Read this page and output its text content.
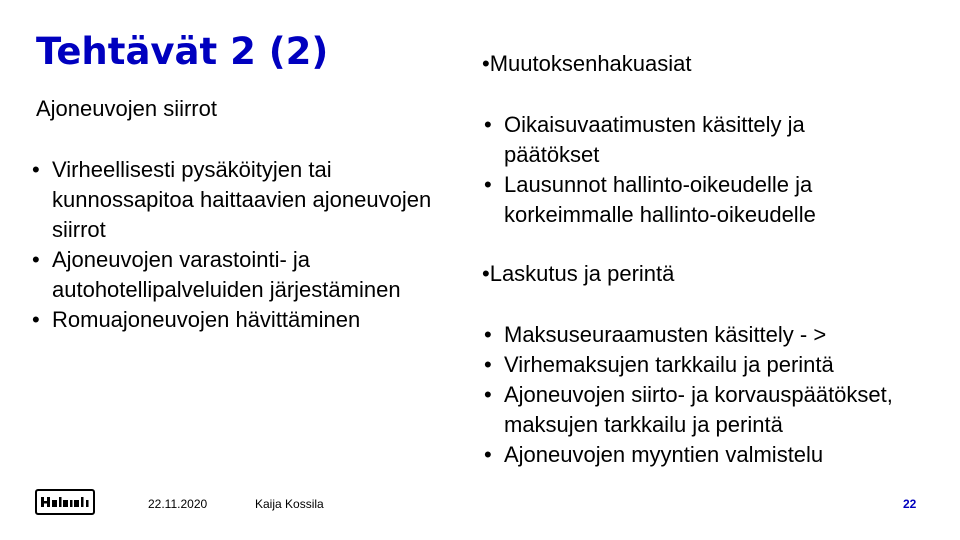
Tehtävät 2 (2)
Ajoneuvojen siirrot
• Virheellisesti pysäköityjen tai kunnossapitoa haittaavien ajoneuvojen siirrot
• Ajoneuvojen varastointi- ja autohotellipalveluiden järjestäminen
• Romuajoneuvojen hävittäminen
• Muutoksenhakuasiat
• Oikaisuvaatimusten käsittely ja päätökset
• Lausunnot hallinto-oikeudelle ja korkeimmalle hallinto-oikeudelle
• Laskutus ja perintä
• Maksuseuraamusten käsittely - >
• Virhemaksujen tarkkailu ja perintä
• Ajoneuvojen siirto- ja korvauspäätökset, maksujen tarkkailu ja perintä
• Ajoneuvojen myyntien valmistelu
22.11.2020	Kaija Kossila	22
